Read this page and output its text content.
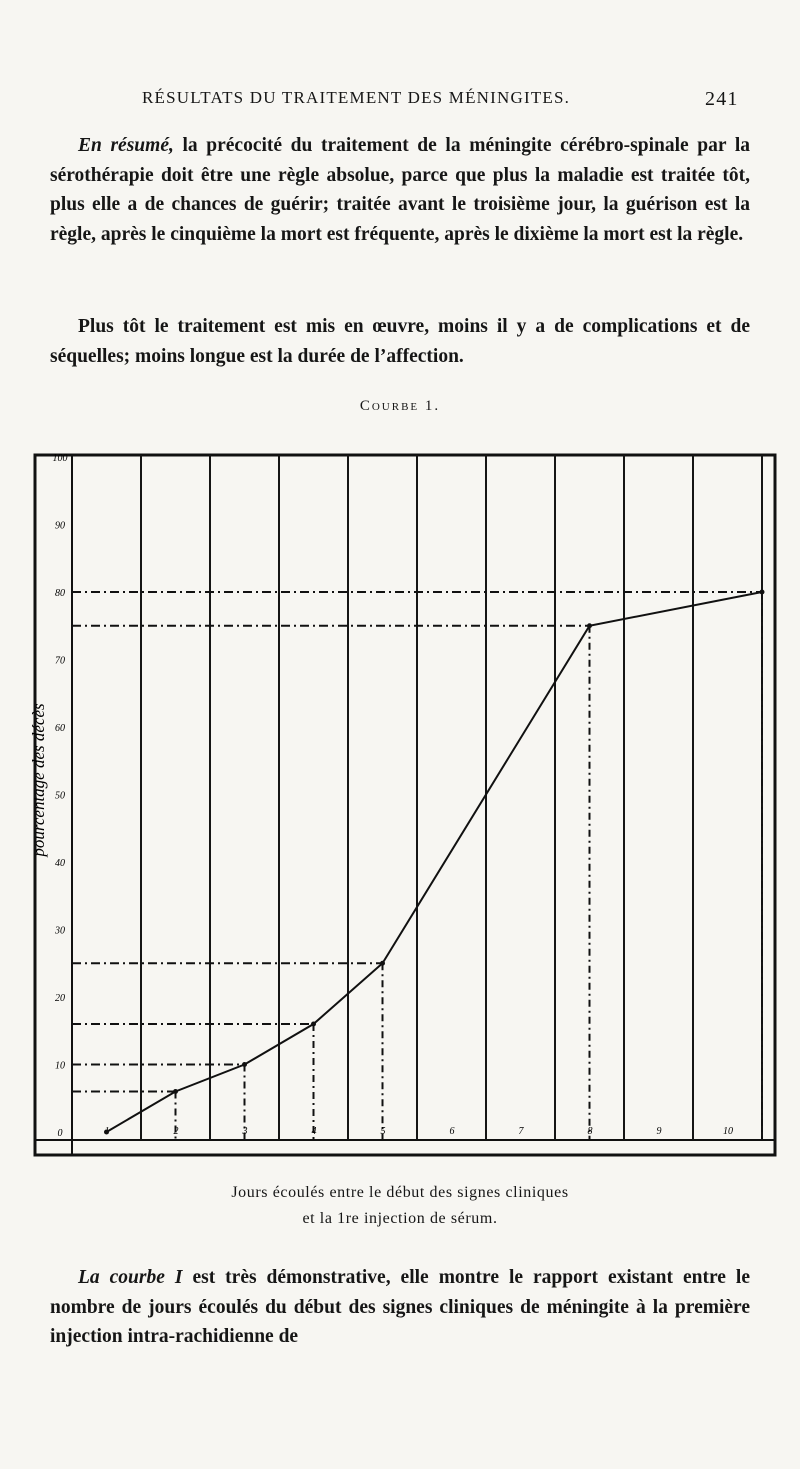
RÉSULTATS DU TRAITEMENT DES MÉNINGITES.	241
En résumé, la précocité du traitement de la méningite cérébro-spinale par la sérothérapie doit être une règle absolue, parce que plus la maladie est traitée tôt, plus elle a de chances de guérir; traitée avant le troisième jour, la guérison est la règle, après le cinquième la mort est fréquente, après le dixième la mort est la règle.
Plus tôt le traitement est mis en œuvre, moins il y a de complications et de séquelles; moins longue est la durée de l’affection.
Courbe 1.
2	3	4	5	6	7	8	9	10
0
10
20
30
40
50
60
70
80
90
100
pourcentage des décès
Jours écoulés entre le début des signes cliniques
et la 1re injection de sérum.
La courbe I est très démonstrative, elle montre le rapport existant entre le nombre de jours écoulés du début des signes cliniques de méningite à la première injection intra-rachidienne de
